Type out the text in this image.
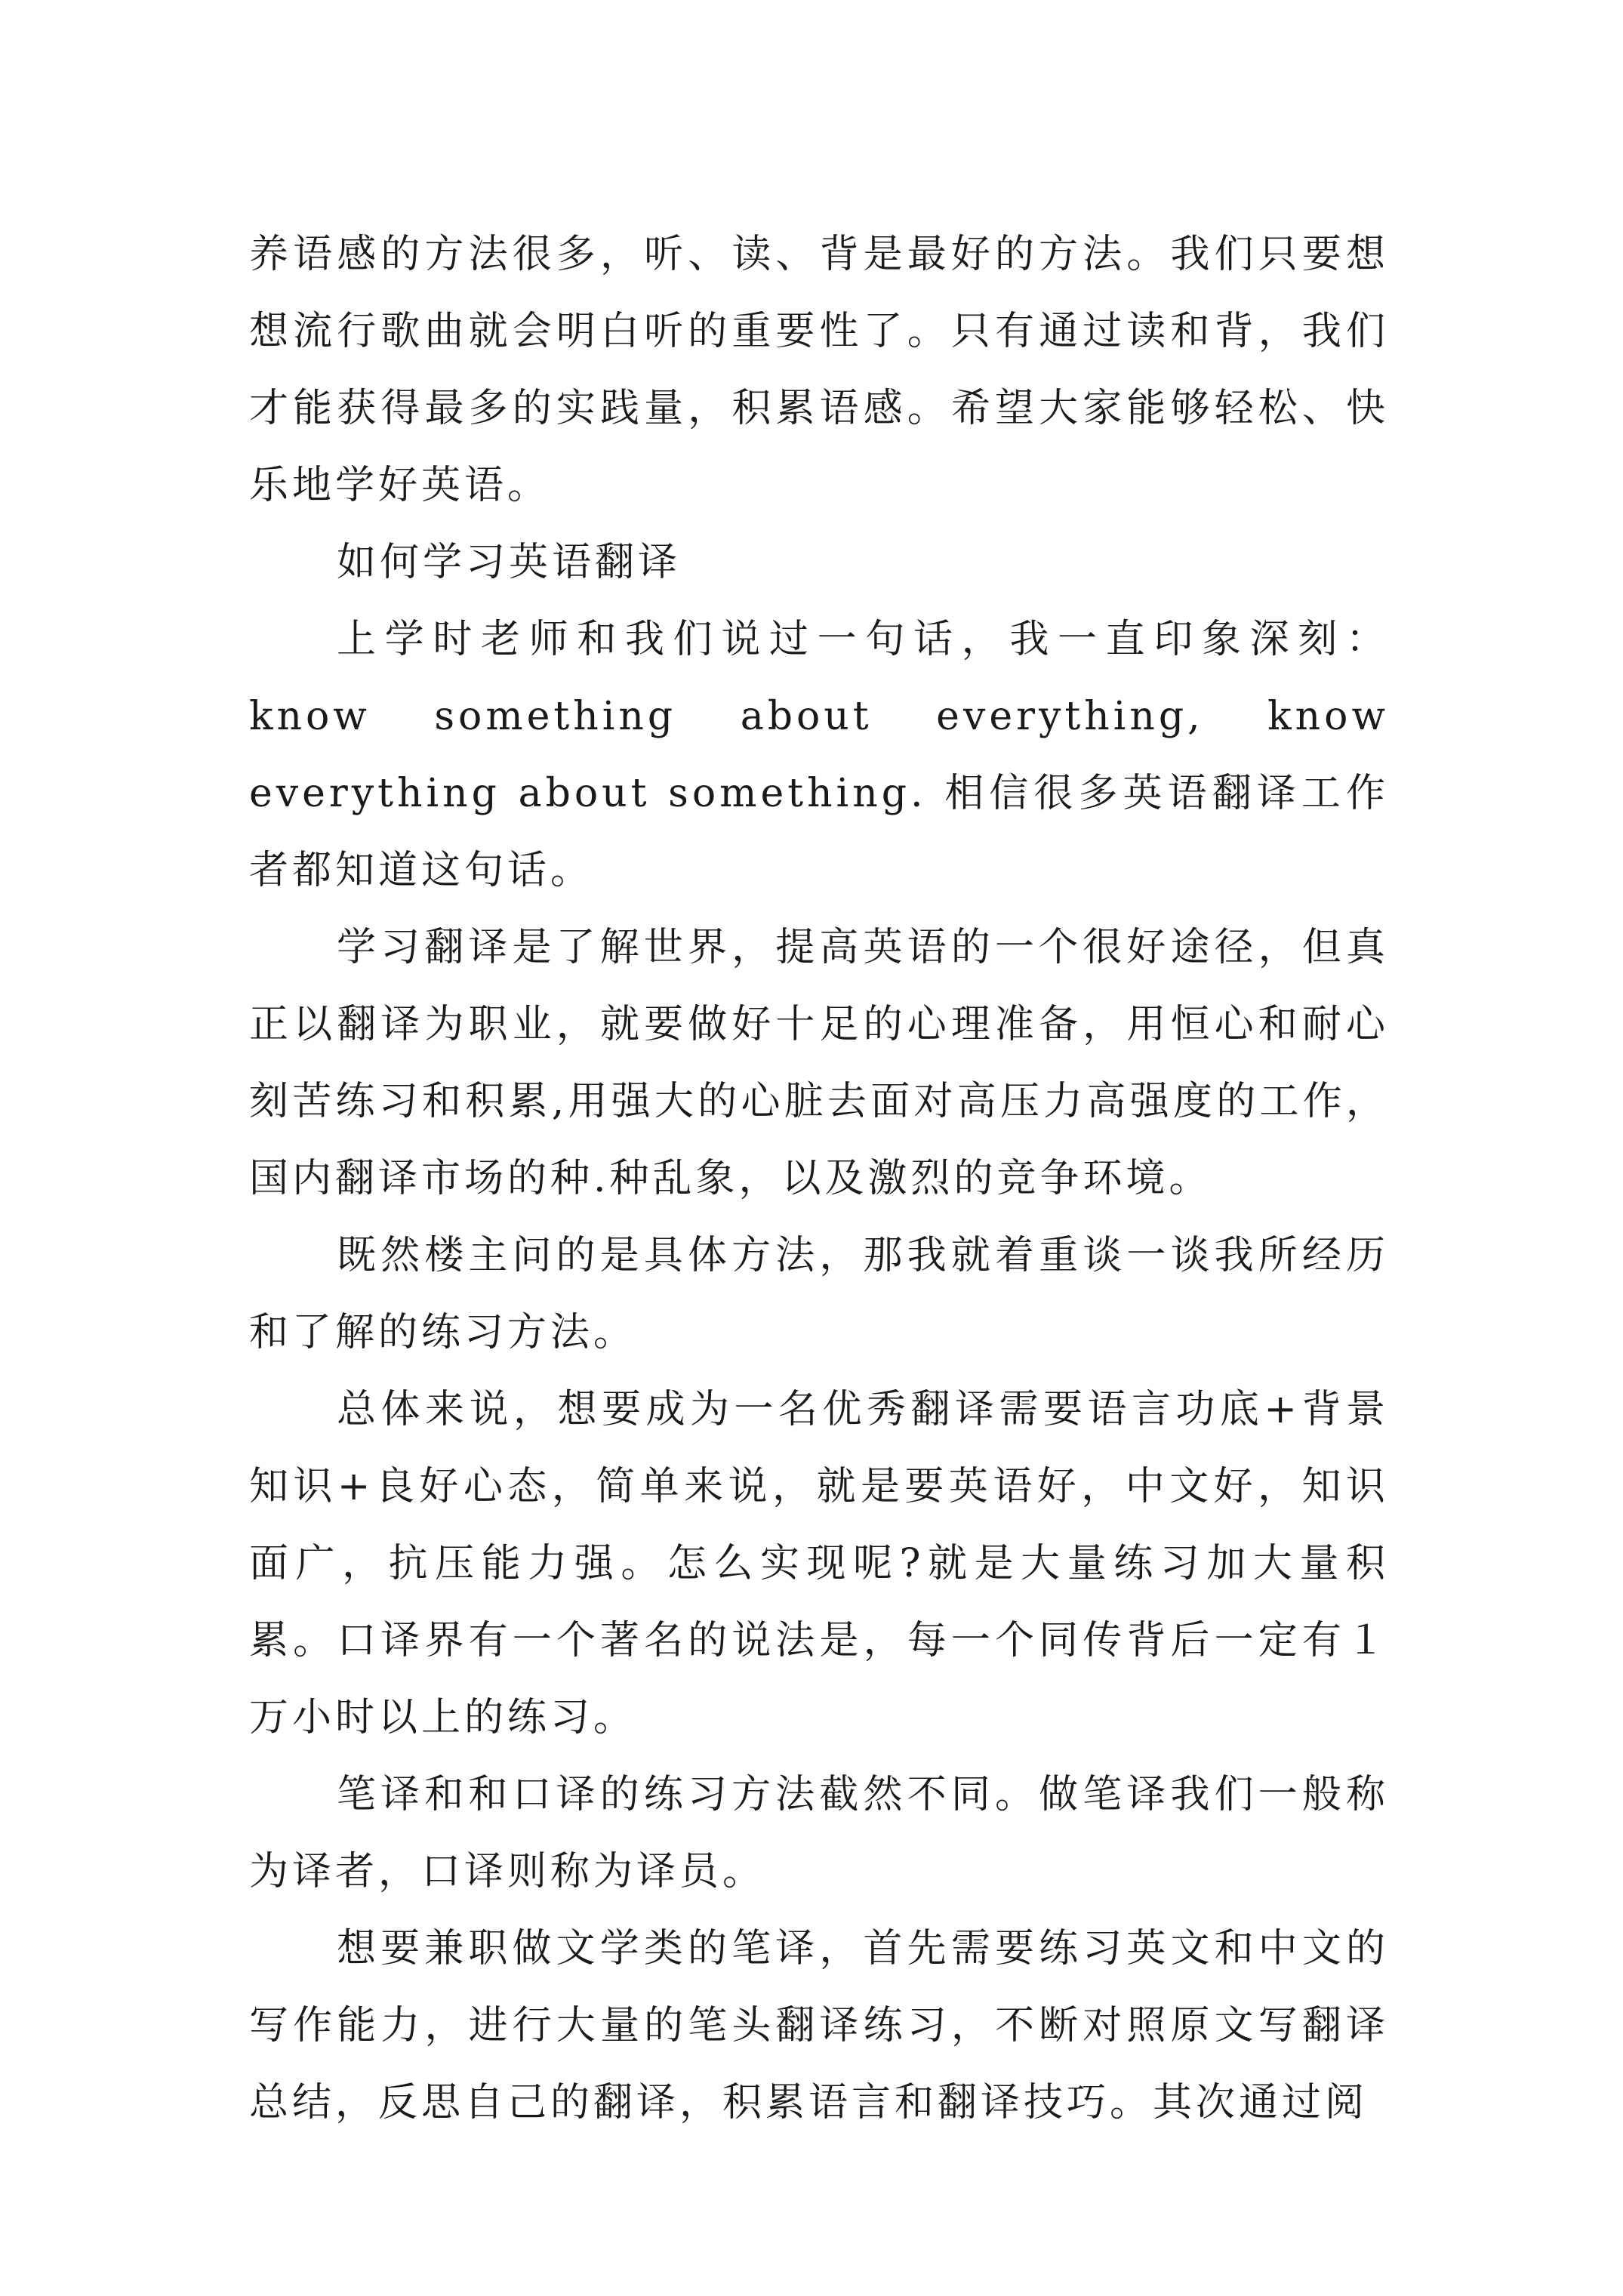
养语感的方法很多，听、读、背是最好的方法。我们只要想想流行歌曲就会明白听的重要性了。只有通过读和背，我们才能获得最多的实践量，积累语感。希望大家能够轻松、快乐地学好英语。

如何学习英语翻译

上学时老师和我们说过一句话，我一直印象深刻：know something about everything, know everything about something. 相信很多英语翻译工作者都知道这句话。

学习翻译是了解世界，提高英语的一个很好途径，但真正以翻译为职业，就要做好十足的心理准备，用恒心和耐心刻苦练习和积累,用强大的心脏去面对高压力高强度的工作，国内翻译市场的种.种乱象，以及激烈的竞争环境。

既然楼主问的是具体方法，那我就着重谈一谈我所经历和了解的练习方法。

总体来说，想要成为一名优秀翻译需要语言功底+背景知识+良好心态，简单来说，就是要英语好，中文好，知识面广，抗压能力强。怎么实现呢?就是大量练习加大量积累。口译界有一个著名的说法是，每一个同传背后一定有１万小时以上的练习。

笔译和和口译的练习方法截然不同。做笔译我们一般称为译者，口译则称为译员。

想要兼职做文学类的笔译，首先需要练习英文和中文的写作能力，进行大量的笔头翻译练习，不断对照原文写翻译总结，反思自己的翻译，积累语言和翻译技巧。其次通过阅
